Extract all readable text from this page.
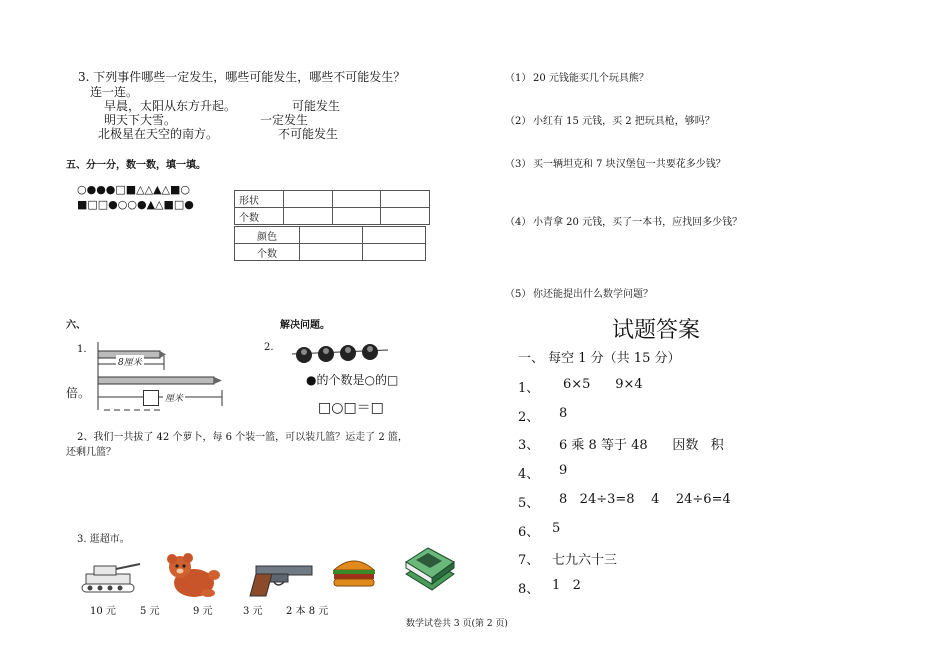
3. 下列事件哪些一定发生，哪些可能发生，哪些不可能发生？
连一连。
早晨，太阳从东方升起。
明天下大雪。
北极星在天空的南方。
可能发生
一定发生
不可能发生
五、分一分，数一数，填一填。
○●●●□■△△▲△■○
■□□●○○●▲△■□●	形状			
个数			
颜色		
个数		
六、	解决问题。
1.
8厘米
厘米
倍。
2.
●的个数是○的□
□○□＝□
2、我们一共拔了 42 个萝卜，每 6 个装一篮，可以装几篮？运走了 2 篮，
还剩几篮？
3. 逛超市。
10 元 5 元	9 元	3 元 2 本 8 元
数学试卷共 3 页(第 2 页)
（1） 20 元钱能买几个玩具熊？
（2） 小红有 15 元钱，买 2 把玩具枪，够吗？
（3） 买一辆坦克和 7 块汉堡包一共要花多少钱？
（4） 小青拿 20 元钱，买了一本书，应找回多少钱？
（5） 你还能提出什么数学问题？
试题答案
一、 每空 1 分（共 15 分）
1、 6×5      9×4
2、 8
3、 6 乘 8 等于 48      因数   积
4、 9
5、 8   24÷3=8    4    24÷6=4
6、 5
7、 七九六十三
8、 1   2
